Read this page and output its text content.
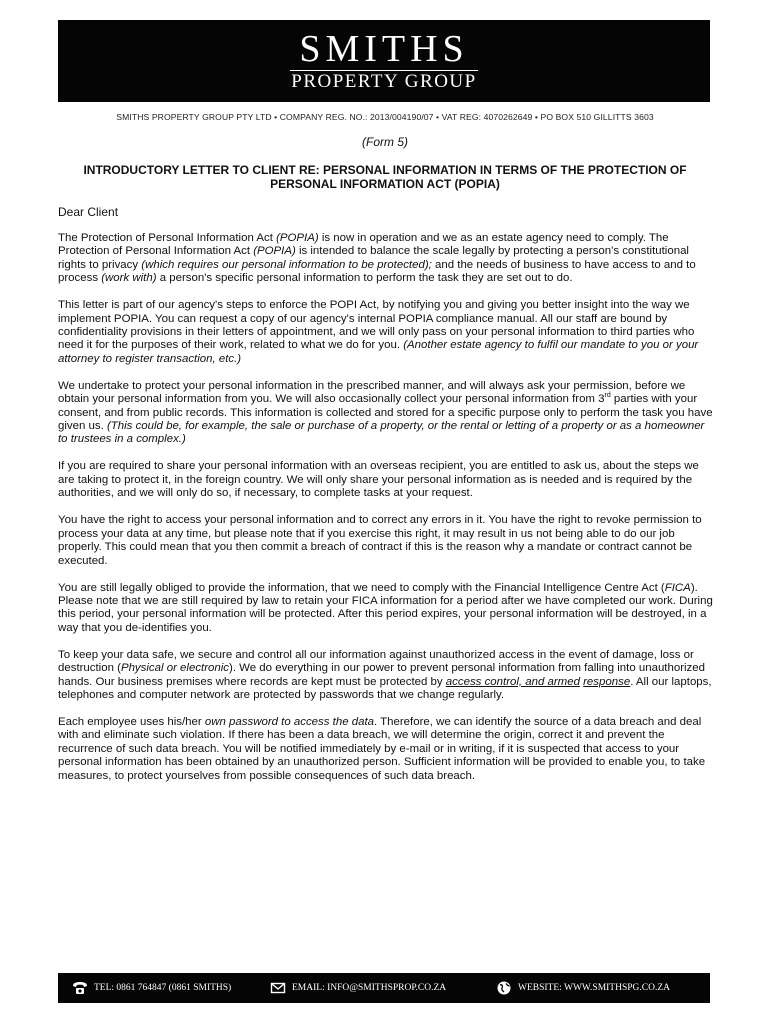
SMITHS
PROPERTY GROUP
SMITHS PROPERTY GROUP PTY LTD • COMPANY REG. NO.: 2013/004190/07 • VAT REG: 4070262649 • PO BOX 510 GILLITTS 3603
(Form 5)
INTRODUCTORY LETTER TO CLIENT RE: PERSONAL INFORMATION IN TERMS OF THE PROTECTION OF PERSONAL INFORMATION ACT (POPIA)
Dear Client

The Protection of Personal Information Act (POPIA) is now in operation and we as an estate agency need to comply. The Protection of Personal Information Act (POPIA) is intended to balance the scale legally by protecting a person's constitutional rights to privacy (which requires our personal information to be protected); and the needs of business to have access to and to process (work with) a person's specific personal information to perform the task they are set out to do.

This letter is part of our agency's steps to enforce the POPI Act, by notifying you and giving you better insight into the way we implement POPIA. You can request a copy of our agency's internal POPIA compliance manual. All our staff are bound by confidentiality provisions in their letters of appointment, and we will only pass on your personal information to third parties who need it for the purposes of their work, related to what we do for you. (Another estate agency to fulfil our mandate to you or your attorney to register transaction, etc.)

We undertake to protect your personal information in the prescribed manner, and will always ask your permission, before we obtain your personal information from you. We will also occasionally collect your personal information from 3rd parties with your consent, and from public records. This information is collected and stored for a specific purpose only to perform the task you have given us. (This could be, for example, the sale or purchase of a property, or the rental or letting of a property or as a homeowner to trustees in a complex.)

If you are required to share your personal information with an overseas recipient, you are entitled to ask us, about the steps we are taking to protect it, in the foreign country. We will only share your personal information as is needed and is required by the authorities, and we will only do so, if necessary, to complete tasks at your request.

You have the right to access your personal information and to correct any errors in it. You have the right to revoke permission to process your data at any time, but please note that if you exercise this right, it may result in us not being able to do our job properly. This could mean that you then commit a breach of contract if this is the reason why a mandate or contract cannot be executed.

You are still legally obliged to provide the information, that we need to comply with the Financial Intelligence Centre Act (FICA). Please note that we are still required by law to retain your FICA information for a period after we have completed our work. During this period, your personal information will be protected. After this period expires, your personal information will be destroyed, in a way that you de-identifies you.

To keep your data safe, we secure and control all our information against unauthorized access in the event of damage, loss or destruction (Physical or electronic). We do everything in our power to prevent personal information from falling into unauthorized hands. Our business premises where records are kept must be protected by access control, and armed response. All our laptops, telephones and computer network are protected by passwords that we change regularly.

Each employee uses his/her own password to access the data. Therefore, we can identify the source of a data breach and deal with and eliminate such violation. If there has been a data breach, we will determine the origin, correct it and prevent the recurrence of such data breach. You will be notified immediately by e-mail or in writing, if it is suspected that access to your personal information has been obtained by an unauthorized person. Sufficient information will be provided to enable you, to take measures, to protect yourselves from possible consequences of such data breach.

TEL: 0861 764847 (0861 SMITHS)	EMAIL: INFO@SMITHSPROP.CO.ZA	WEBSITE: WWW.SMITHSPG.CO.ZA
